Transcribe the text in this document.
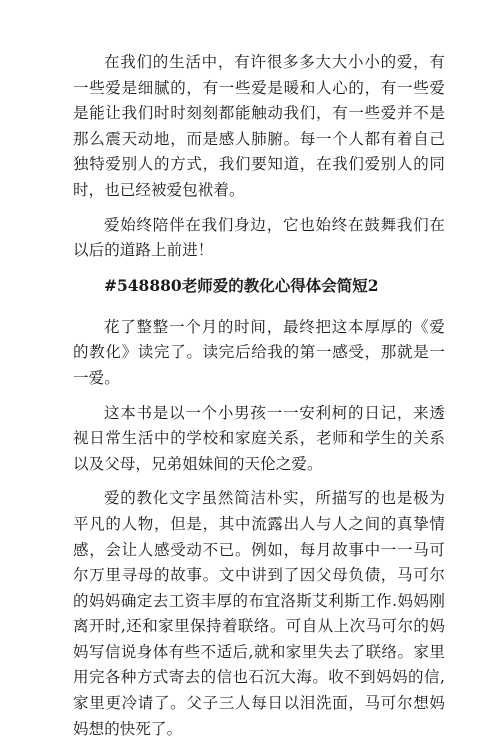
在我们的生活中，有许很多多大大小小的爱，有一些爱是细腻的，有一些爱是暖和人心的，有一些爱是能让我们时时刻刻都能触动我们，有一些爱并不是那么震天动地，而是感人肺腑。每一个人都有着自己独特爱别人的方式，我们要知道，在我们爱别人的同时，也已经被爱包袱着。

爱始终陪伴在我们身边，它也始终在鼓舞我们在以后的道路上前进！

#548880老师爱的教化心得体会简短2

花了整整一个月的时间，最终把这本厚厚的《爱的教化》读完了。读完后给我的第一感受，那就是一一爱。

这本书是以一个小男孩一一安利柯的日记，来透视日常生活中的学校和家庭关系，老师和学生的关系以及父母，兄弟姐妹间的天伦之爱。

爱的教化文字虽然简洁朴实，所描写的也是极为平凡的人物，但是，其中流露出人与人之间的真挚情感，会让人感受动不已。例如，每月故事中一一马可尔万里寻母的故事。文中讲到了因父母负债，马可尔的妈妈确定去工资丰厚的布宜洛斯艾利斯工作.妈妈刚离开时,还和家里保持着联络。可自从上次马可尔的妈妈写信说身体有些不适后,就和家里失去了联络。家里用完各种方式寄去的信也石沉大海。收不到妈妈的信,家里更冷请了。父子三人每日以泪洗面，马可尔想妈妈想的快死了。
